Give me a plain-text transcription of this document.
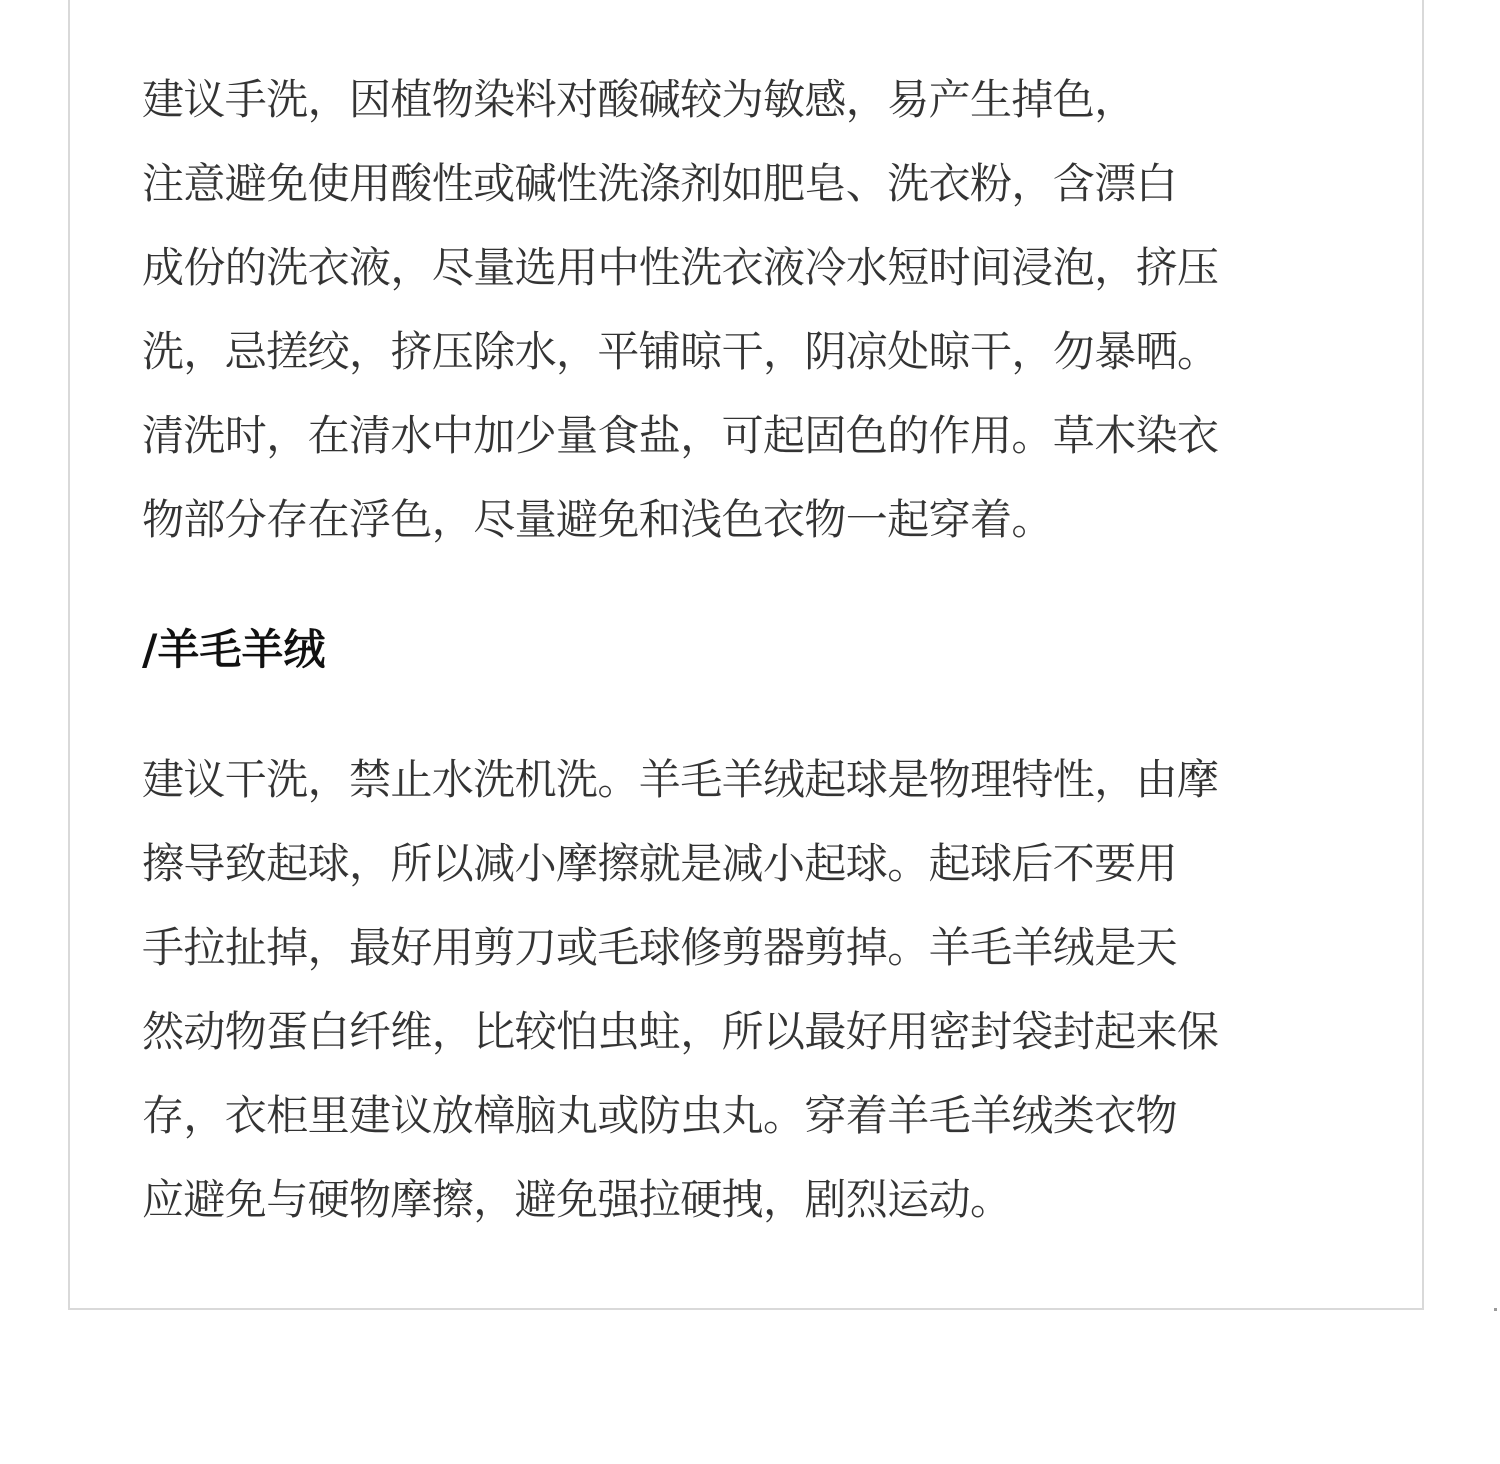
建议手洗，因植物染料对酸碱较为敏感，易产生掉色，
注意避免使用酸性或碱性洗涤剂如肥皂、洗衣粉，含漂白
成份的洗衣液，尽量选用中性洗衣液冷水短时间浸泡，挤压
洗，忌搓绞，挤压除水，平铺晾干，阴凉处晾干，勿暴晒。
清洗时，在清水中加少量食盐，可起固色的作用。草木染衣
物部分存在浮色，尽量避免和浅色衣物一起穿着。
/羊毛羊绒
建议干洗，禁止水洗机洗。羊毛羊绒起球是物理特性，由摩
擦导致起球，所以减小摩擦就是减小起球。起球后不要用
手拉扯掉，最好用剪刀或毛球修剪器剪掉。羊毛羊绒是天
然动物蛋白纤维，比较怕虫蛀，所以最好用密封袋封起来保
存，衣柜里建议放樟脑丸或防虫丸。穿着羊毛羊绒类衣物
应避免与硬物摩擦，避免强拉硬拽，剧烈运动。
